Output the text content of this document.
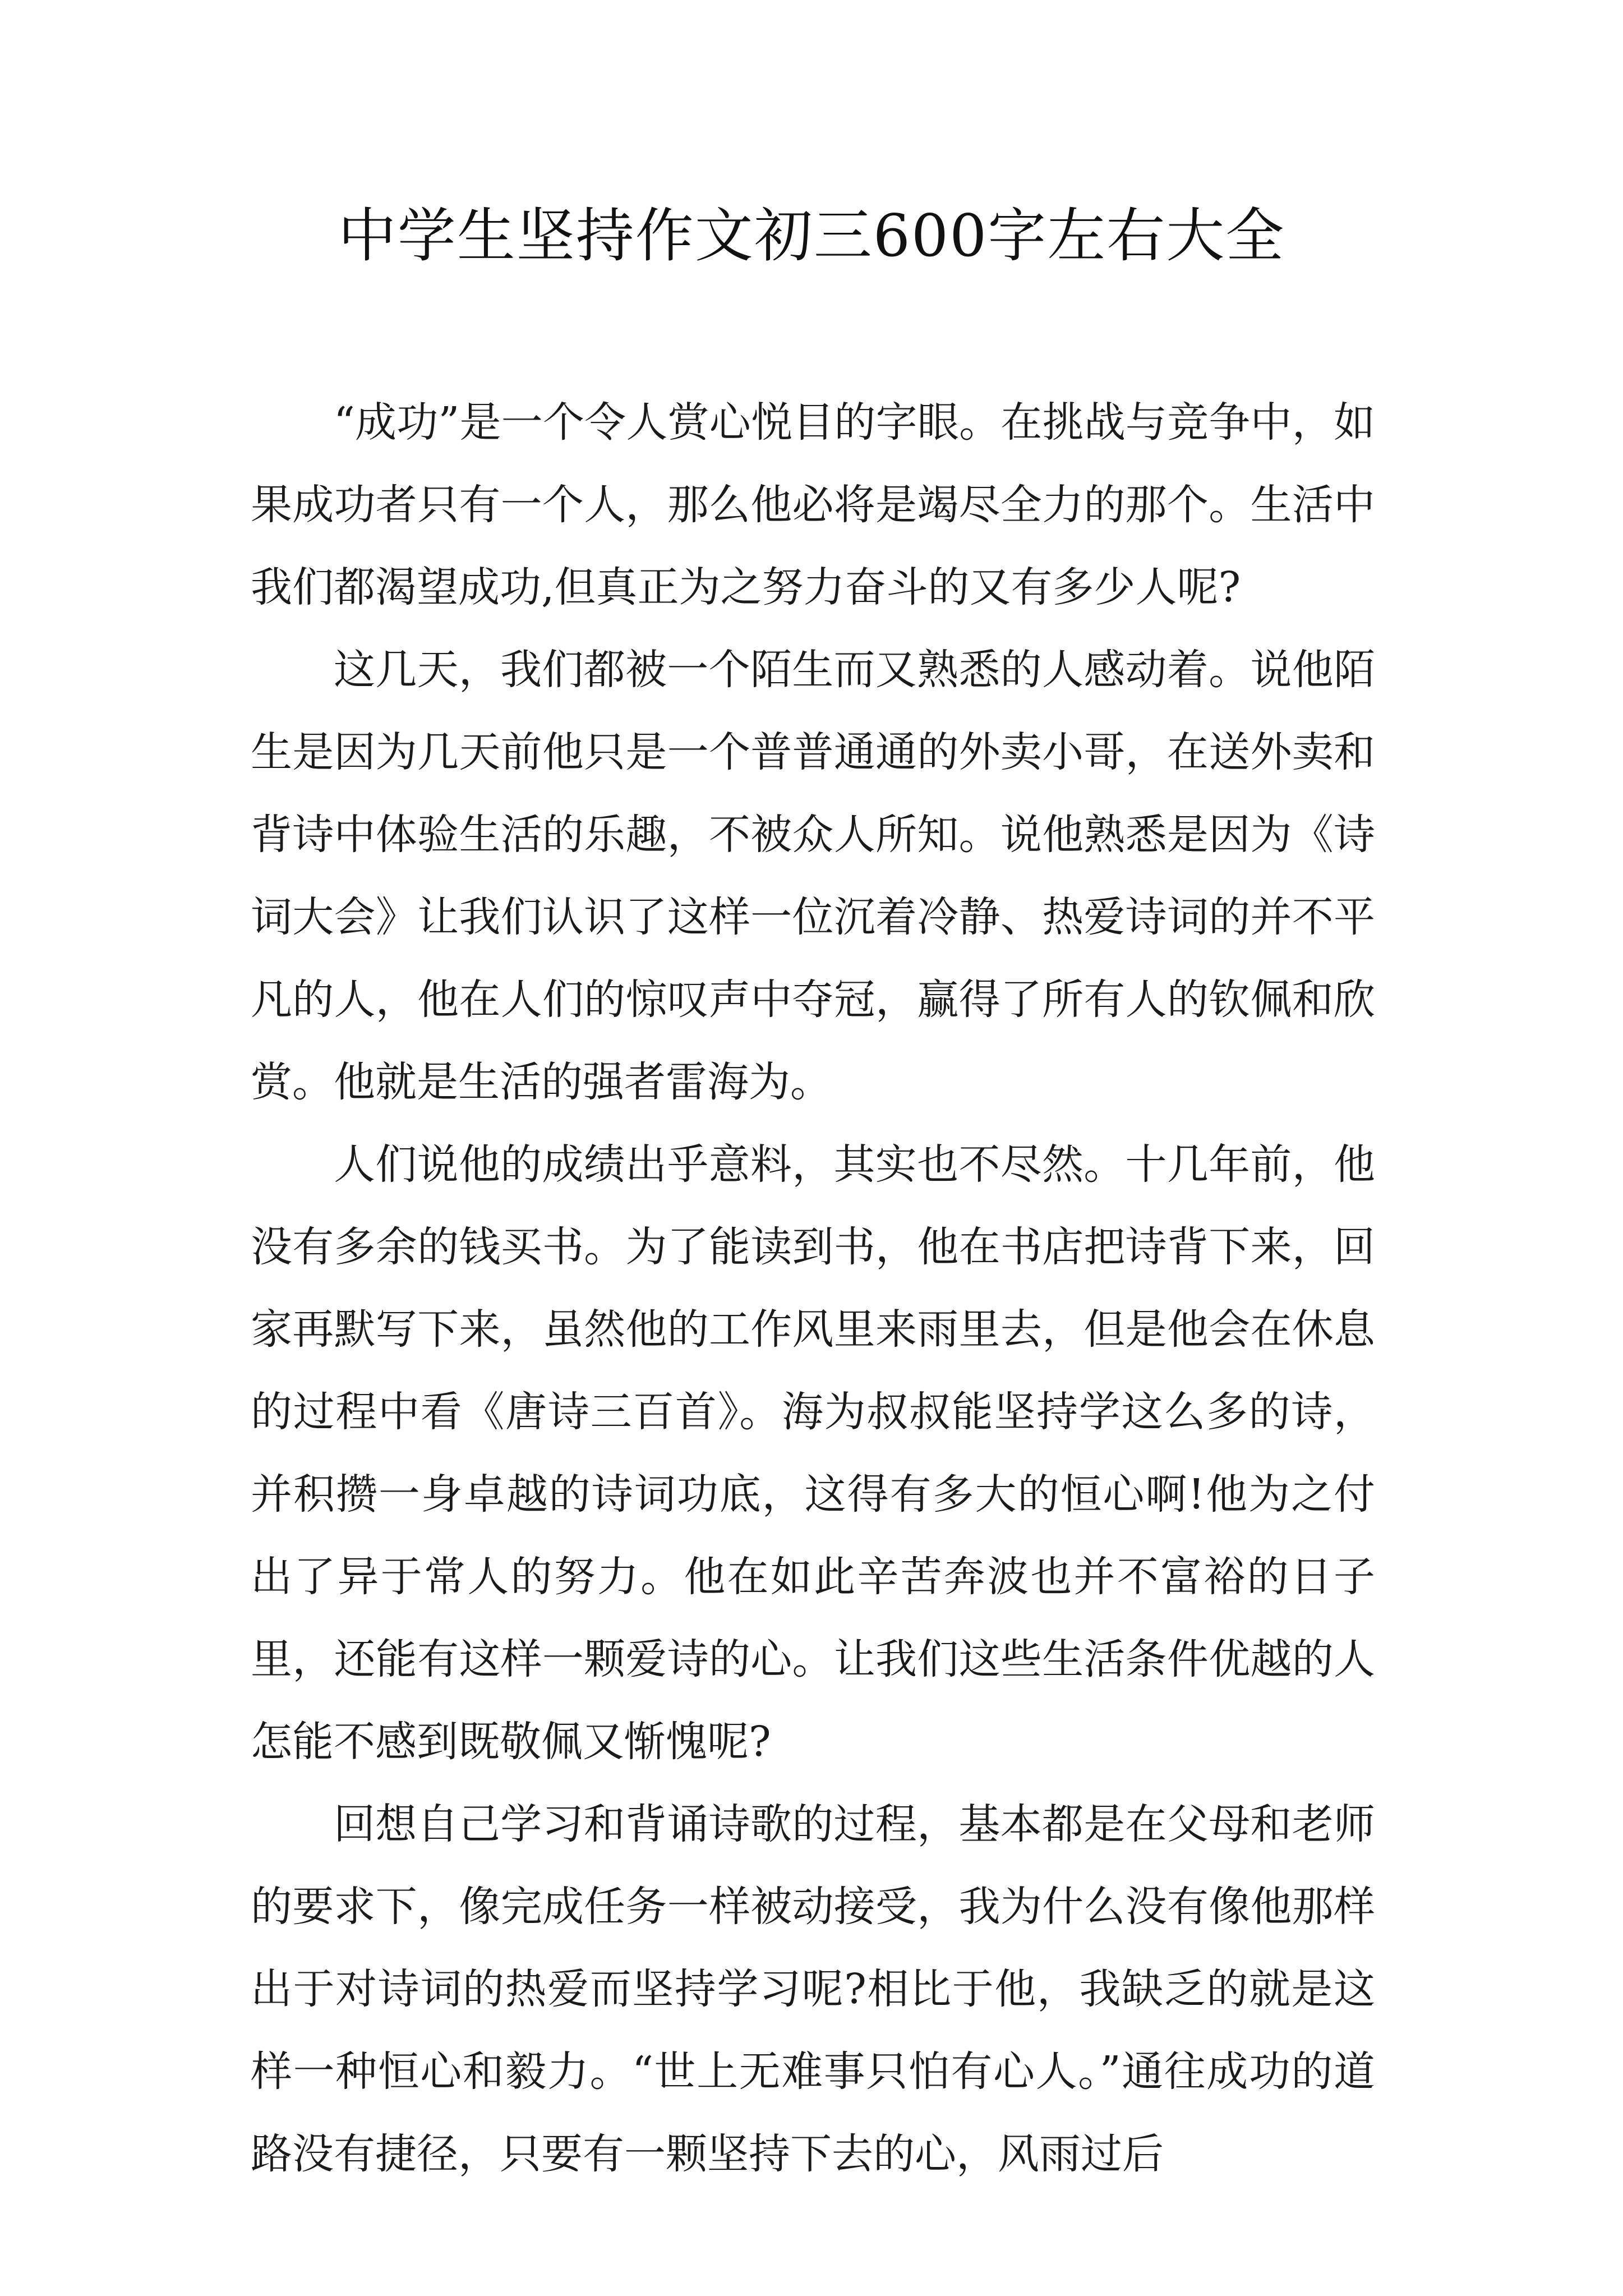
中学生坚持作文初三600字左右大全

“成功”是一个令人赏心悦目的字眼。在挑战与竞争中，如果成功者只有一个人，那么他必将是竭尽全力的那个。生活中我们都渴望成功,但真正为之努力奋斗的又有多少人呢?

这几天，我们都被一个陌生而又熟悉的人感动着。说他陌生是因为几天前他只是一个普普通通的外卖小哥，在送外卖和背诗中体验生活的乐趣，不被众人所知。说他熟悉是因为《诗词大会》让我们认识了这样一位沉着冷静、热爱诗词的并不平凡的人，他在人们的惊叹声中夺冠，赢得了所有人的钦佩和欣赏。他就是生活的强者雷海为。

人们说他的成绩出乎意料，其实也不尽然。十几年前，他没有多余的钱买书。为了能读到书，他在书店把诗背下来，回家再默写下来，虽然他的工作风里来雨里去，但是他会在休息的过程中看《唐诗三百首》。海为叔叔能坚持学这么多的诗，并积攒一身卓越的诗词功底，这得有多大的恒心啊!他为之付出了异于常人的努力。他在如此辛苦奔波也并不富裕的日子里，还能有这样一颗爱诗的心。让我们这些生活条件优越的人怎能不感到既敬佩又惭愧呢?

回想自己学习和背诵诗歌的过程，基本都是在父母和老师的要求下，像完成任务一样被动接受，我为什么没有像他那样出于对诗词的热爱而坚持学习呢?相比于他，我缺乏的就是这样一种恒心和毅力。“世上无难事只怕有心人。”通往成功的道路没有捷径，只要有一颗坚持下去的心，风雨过后
